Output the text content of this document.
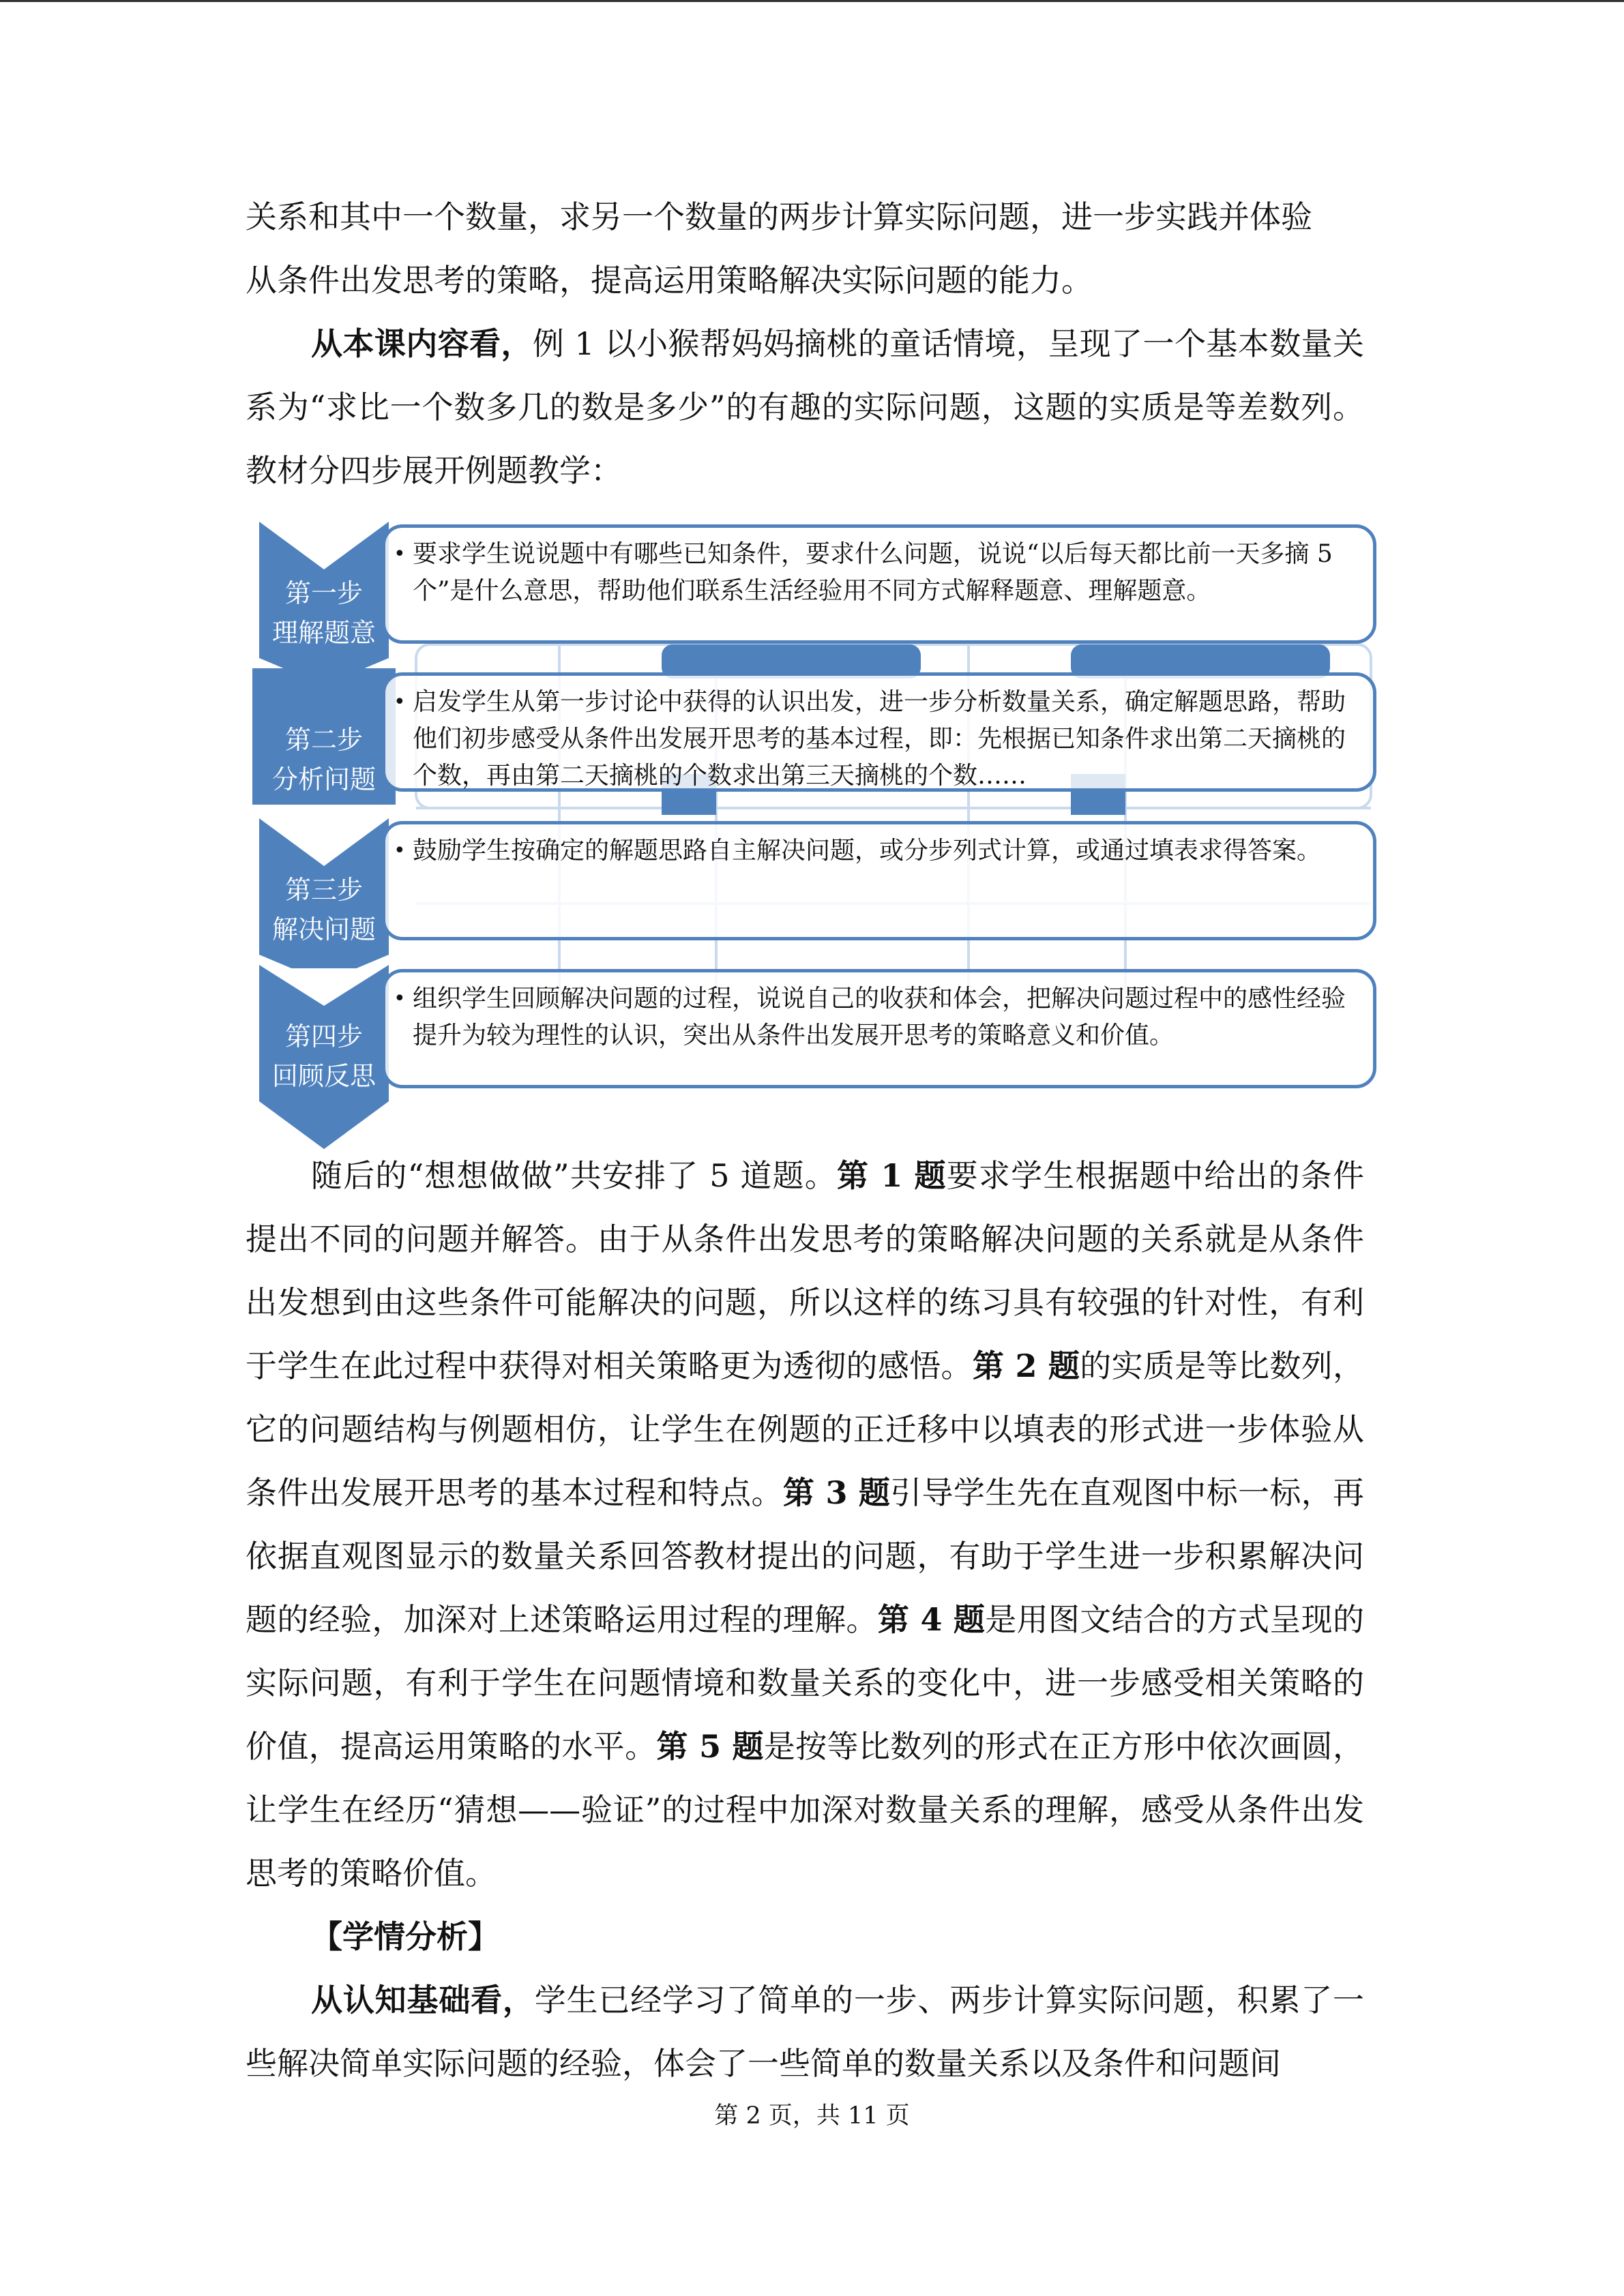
关系和其中一个数量，求另一个数量的两步计算实际问题，进一步实践并体验

从条件出发思考的策略，提高运用策略解决实际问题的能力。

从本课内容看，例 1 以小猴帮妈妈摘桃的童话情境，呈现了一个基本数量关系为“求比一个数多几的数是多少”的有趣的实际问题，这题的实质是等差数列。教材分四步展开例题教学：

第一步
理解题意
• 要求学生说说题中有哪些已知条件，要求什么问题，说说“以后每天都比前一天多摘 5 个”是什么意思，帮助他们联系生活经验用不同方式解释题意、理解题意。
第二步
分析问题
• 启发学生从第一步讨论中获得的认识出发，进一步分析数量关系，确定解题思路，帮助他们初步感受从条件出发展开思考的基本过程，即：先根据已知条件求出第二天摘桃的个数，再由第二天摘桃的个数求出第三天摘桃的个数……
第三步
解决问题
• 鼓励学生按确定的解题思路自主解决问题，或分步列式计算，或通过填表求得答案。
第四步
回顾反思
• 组织学生回顾解决问题的过程，说说自己的收获和体会，把解决问题过程中的感性经验提升为较为理性的认识，突出从条件出发展开思考的策略意义和价值。

随后的“想想做做”共安排了 5 道题。第 1 题要求学生根据题中给出的条件提出不同的问题并解答。由于从条件出发思考的策略解决问题的关系就是从条件出发想到由这些条件可能解决的问题，所以这样的练习具有较强的针对性，有利于学生在此过程中获得对相关策略更为透彻的感悟。第 2 题的实质是等比数列，它的问题结构与例题相仿，让学生在例题的正迁移中以填表的形式进一步体验从条件出发展开思考的基本过程和特点。第 3 题引导学生先在直观图中标一标，再依据直观图显示的数量关系回答教材提出的问题，有助于学生进一步积累解决问题的经验，加深对上述策略运用过程的理解。第 4 题是用图文结合的方式呈现的实际问题，有利于学生在问题情境和数量关系的变化中，进一步感受相关策略的价值，提高运用策略的水平。第 5 题是按等比数列的形式在正方形中依次画圆，让学生在经历“猜想——验证”的过程中加深对数量关系的理解，感受从条件出发思考的策略价值。

【学情分析】

从认知基础看，学生已经学习了简单的一步、两步计算实际问题，积累了一些解决简单实际问题的经验，体会了一些简单的数量关系以及条件和问题间

第 2 页，共 11 页
